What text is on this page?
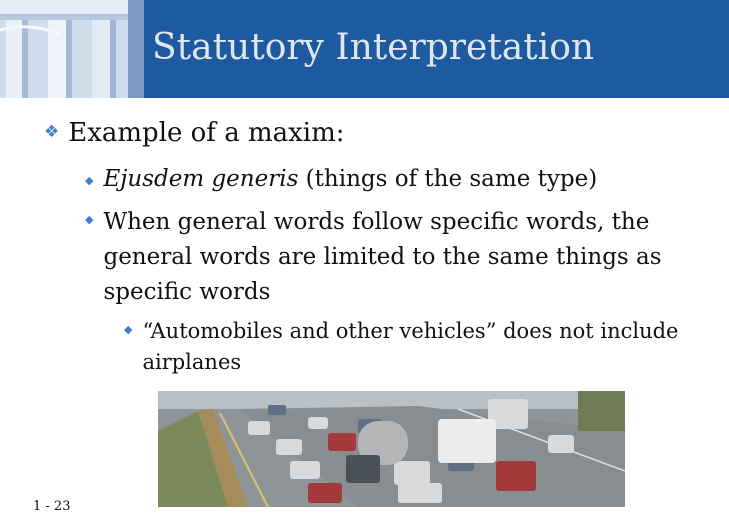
Statutory Interpretation
❖ Example of a maxim:
◆ Ejusdem generis (things of the same type)
◆ When general words follow specific words, the general words are limited to the same things as specific words
◆ “Automobiles and other vehicles” does not include airplanes
1 - 23
